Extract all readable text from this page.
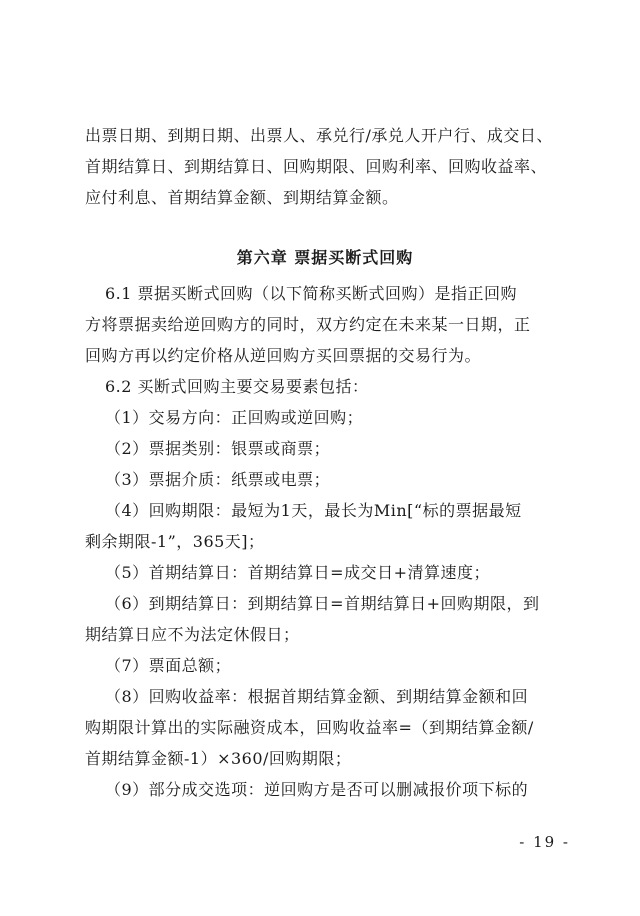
出票日期、到期日期、出票人、承兑行/承兑人开户行、成交日、

首期结算日、到期结算日、回购期限、回购利率、回购收益率、

应付利息、首期结算金额、到期结算金额。

第六章 票据买断式回购

6.1 票据买断式回购（以下简称买断式回购）是指正回购

方将票据卖给逆回购方的同时，双方约定在未来某一日期，正

回购方再以约定价格从逆回购方买回票据的交易行为。

6.2 买断式回购主要交易要素包括：

（1）交易方向：正回购或逆回购；

（2）票据类别：银票或商票；

（3）票据介质：纸票或电票；

（4）回购期限：最短为1天，最长为Min[“标的票据最短

剩余期限-1”，365天]；

（5）首期结算日：首期结算日=成交日+清算速度；

（6）到期结算日：到期结算日=首期结算日+回购期限，到

期结算日应不为法定休假日；

（7）票面总额；

（8）回购收益率：根据首期结算金额、到期结算金额和回

购期限计算出的实际融资成本，回购收益率=（到期结算金额/

首期结算金额-1）×360/回购期限；

（9）部分成交选项：逆回购方是否可以删减报价项下标的

- 19 -
